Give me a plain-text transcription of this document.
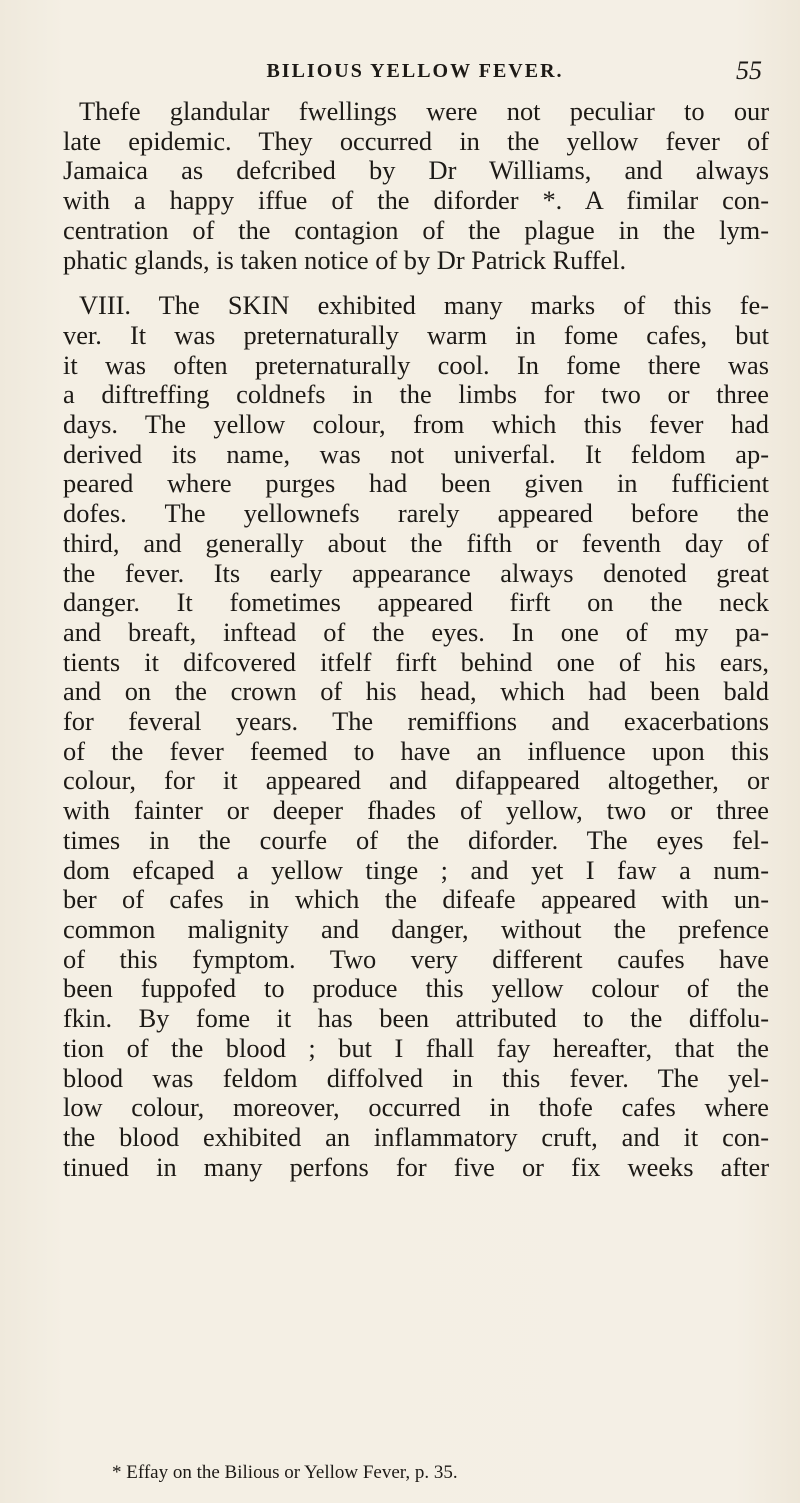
BILIOUS YELLOW FEVER.	55
Thefe glandular fwellings were not peculiar to our
late epidemic. They occurred in the yellow fever of
Jamaica as defcribed by Dr Williams, and always
with a happy iffue of the diforder *. A fimilar con-
centration of the contagion of the plague in the lym-
phatic glands, is taken notice of by Dr Patrick Ruffel.
VIII. The SKIN exhibited many marks of this fe-
ver. It was preternaturally warm in fome cafes, but
it was often preternaturally cool. In fome there was
a diftreffing coldnefs in the limbs for two or three
days. The yellow colour, from which this fever had
derived its name, was not univerfal. It feldom ap-
peared where purges had been given in fufficient
dofes. The yellownefs rarely appeared before the
third, and generally about the fifth or feventh day of
the fever. Its early appearance always denoted great
danger. It fometimes appeared firft on the neck
and breaft, inftead of the eyes. In one of my pa-
tients it difcovered itfelf firft behind one of his ears,
and on the crown of his head, which had been bald
for feveral years. The remiffions and exacerbations
of the fever feemed to have an influence upon this
colour, for it appeared and difappeared altogether, or
with fainter or deeper fhades of yellow, two or three
times in the courfe of the diforder. The eyes fel-
dom efcaped a yellow tinge ; and yet I faw a num-
ber of cafes in which the difeafe appeared with un-
common malignity and danger, without the prefence
of this fymptom. Two very different caufes have
been fuppofed to produce this yellow colour of the
fkin. By fome it has been attributed to the diffolu-
tion of the blood ; but I fhall fay hereafter, that the
blood was feldom diffolved in this fever. The yel-
low colour, moreover, occurred in thofe cafes where
the blood exhibited an inflammatory cruft, and it con-
tinued in many perfons for five or fix weeks after
* Effay on the Bilious or Yellow Fever, p. 35.
